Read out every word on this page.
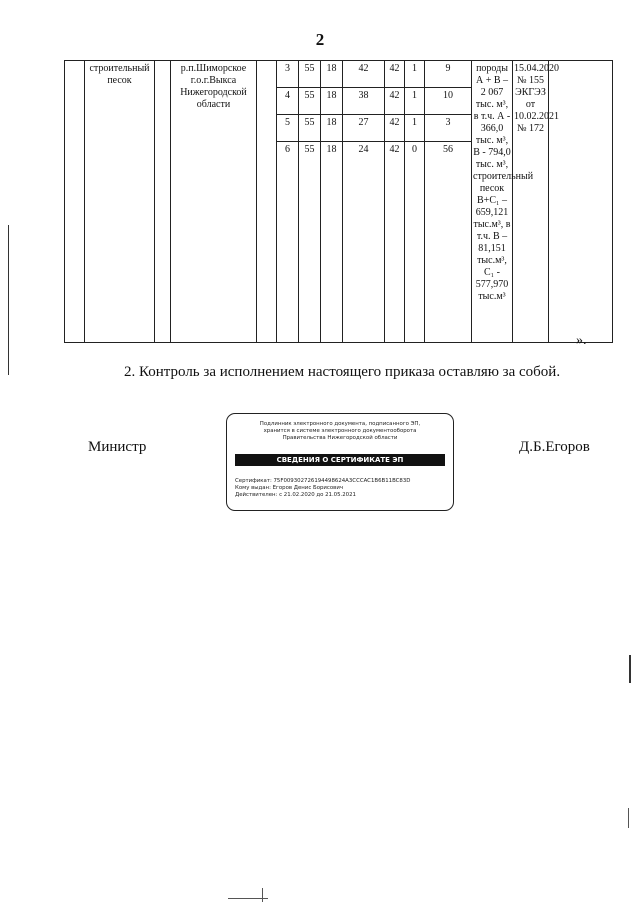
2
	строительный песок		р.п.Шиморское г.о.г.Выкса Нижегородской области		3	55	18	42	42	1	9	породы А + В – 2 067 тыс. м³, в т.ч. А - 366,0 тыс. м³, В - 794,0 тыс. м³, строительный песок В+С₁ – 659,121 тыс.м³, в т.ч. В – 81,151 тыс.м³, С₁ - 577,970 тыс.м³	15.04.2020 № 155 ЭКГЭЗ от 10.02.2021 № 172	
					4	55	18	38	42	1	10			
					5	55	18	27	42	1	3			
					6	55	18	24	42	0	56			
».
2. Контроль за исполнением настоящего приказа оставляю за собой.
Министр	Д.Б.Егоров
Подлинник электронного документа, подписанного ЭП,
хранится в системе электронного документооборота
Правительства Нижегородской области
СВЕДЕНИЯ О СЕРТИФИКАТЕ ЭП
Сертификат: 75F009302726194498624A3CCCAC1B6B11BC83D
Кому выдан: Егоров Денис Борисович
Действителен: с 21.02.2020 до 21.05.2021
